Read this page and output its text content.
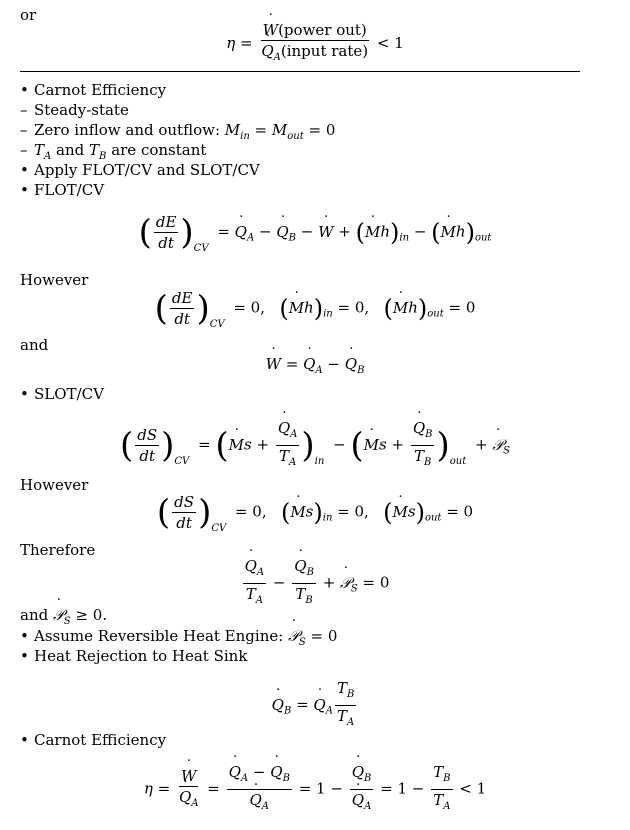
or
η = ˙ W(power out)
˙ $Q_A(input$ rate) < 1
• Carnot Efficiency
– Steady-state
– Zero inflow and outflow: $M_{in} = M_{out} = 0$
– $T_A$ and $T_B$ are constant
• Apply FLOT/CV and SLOT/CV
• FLOT/CV
( $\frac{dE}{dt} )_{CV}$ = ˙ $Q_A$ − ˙ $Q_B$ − ˙ W + (˙ $Mh)_{in}$ − (˙ $Mh)_{out}$
However
( $\frac{dE}{dt} )_{CV} = 0$,   (˙ $Mh)_{in} = 0$,   (˙ $Mh)_{out} = 0$
and
˙ W = ˙ $Q_A$ − ˙ $Q_B$
• SLOT/CV
( $\frac{dS}{dt} )_{CV}$ = (˙ Ms + ˙ $\frac{Q_A}{T_A} )_{in}$ − (˙ Ms + ˙ $\frac{Q_B}{T_B} )_{out}$ + ˙ 𝒫$_S$
However
( $\frac{dS}{dt} )_{CV} = 0$,   (˙ $Ms)_{in} = 0$,   (˙ $Ms)_{out} = 0$
Therefore
˙ $\frac{Q_A}{T_A}$ − ˙ $\frac{Q_B}{T_B}$ + ˙ 𝒫$_S$ = 0
and ˙ 𝒫$_S$ ≥ 0.
• Assume Reversible Heat Engine: ˙ 𝒫$_S$ = 0
• Heat Rejection to Heat Sink
˙ $Q_B$ = ˙ $Q_A \frac{T_B}{T_A}$
• Carnot Efficiency
η = ˙ W
˙ $Q_A$ = ˙ $Q_A$ − ˙ $Q_B$
˙ $Q_A = 1$ − ˙ $Q_B$
˙ $Q_A = 1 - \frac{T_B}{T_A} < 1$
